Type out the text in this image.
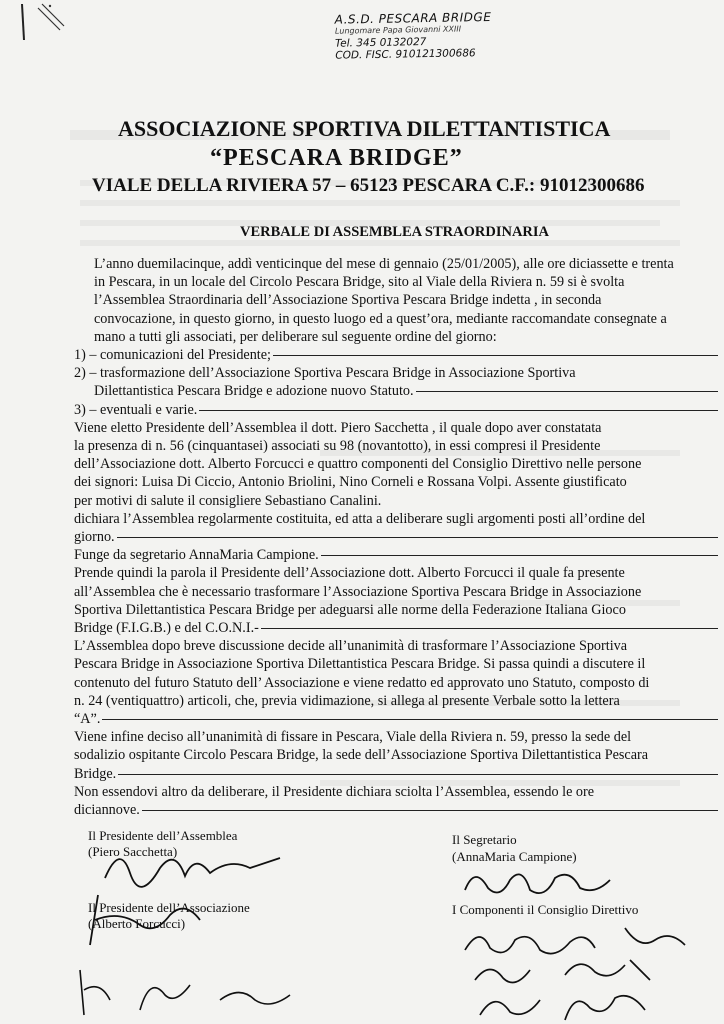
A.S.D. PESCARA BRIDGE
Lungomare Papa Giovanni XXIII
Tel. 345 0132027
COD. FISC. 910121300686
ASSOCIAZIONE SPORTIVA DILETTANTISTICA
“PESCARA BRIDGE”
VIALE DELLA RIVIERA 57 – 65123 PESCARA C.F.: 91012300686
VERBALE DI ASSEMBLEA STRAORDINARIA
L’anno duemilacinque, addì venticinque del mese di gennaio (25/01/2005), alle ore diciassette e trenta
in Pescara, in un locale del Circolo Pescara Bridge, sito al Viale della Riviera n. 59 si è svolta
l’Assemblea Straordinaria dell’Associazione Sportiva Pescara Bridge indetta , in seconda
convocazione, in questo giorno, in questo luogo ed a quest’ora, mediante raccomandate consegnate a
mano a tutti gli associati, per deliberare sul seguente ordine del giorno:
1) – comunicazioni del Presidente;
2) – trasformazione dell’Associazione Sportiva Pescara Bridge in Associazione Sportiva
Dilettantistica Pescara Bridge e adozione nuovo Statuto.
3) – eventuali e varie.
Viene eletto Presidente dell’Assemblea il dott. Piero Sacchetta , il quale dopo aver constatata
la presenza di n. 56 (cinquantasei) associati su 98 (novantotto), in essi compresi il Presidente
dell’Associazione dott. Alberto Forcucci e quattro componenti del Consiglio Direttivo nelle persone
dei signori: Luisa Di Ciccio, Antonio Briolini, Nino Corneli e Rossana Volpi. Assente giustificato
per motivi di salute il consigliere Sebastiano Canalini.
dichiara l’Assemblea regolarmente costituita, ed atta a deliberare sugli argomenti posti all’ordine del
giorno.
Funge da segretario AnnaMaria Campione.
Prende quindi la parola il Presidente dell’Associazione dott. Alberto Forcucci il quale fa presente
all’Assemblea che è necessario trasformare l’Associazione Sportiva Pescara Bridge in Associazione
Sportiva Dilettantistica Pescara Bridge per adeguarsi alle norme della Federazione Italiana Gioco
Bridge (F.I.G.B.) e del C.O.N.I.-
L’Assemblea dopo breve discussione decide all’unanimità di trasformare l’Associazione Sportiva
Pescara Bridge in Associazione Sportiva Dilettantistica Pescara Bridge. Si passa quindi a discutere il
contenuto del futuro Statuto dell’ Associazione e viene redatto ed approvato uno Statuto, composto di
n. 24 (ventiquattro) articoli, che, previa vidimazione, si allega al presente Verbale sotto la lettera
“A”.
Viene infine deciso all’unanimità di fissare in Pescara, Viale della Riviera n. 59, presso la sede del
sodalizio ospitante Circolo Pescara Bridge, la sede dell’Associazione Sportiva Dilettantistica Pescara
Bridge.
Non essendovi altro da deliberare, il Presidente dichiara sciolta l’Assemblea, essendo le ore
diciannove.
Il Presidente dell’Assemblea
(Piero Sacchetta)
Il Segretario
(AnnaMaria Campione)
Il Presidente dell’Associazione
(Alberto Forcucci)
I Componenti il Consiglio Direttivo
